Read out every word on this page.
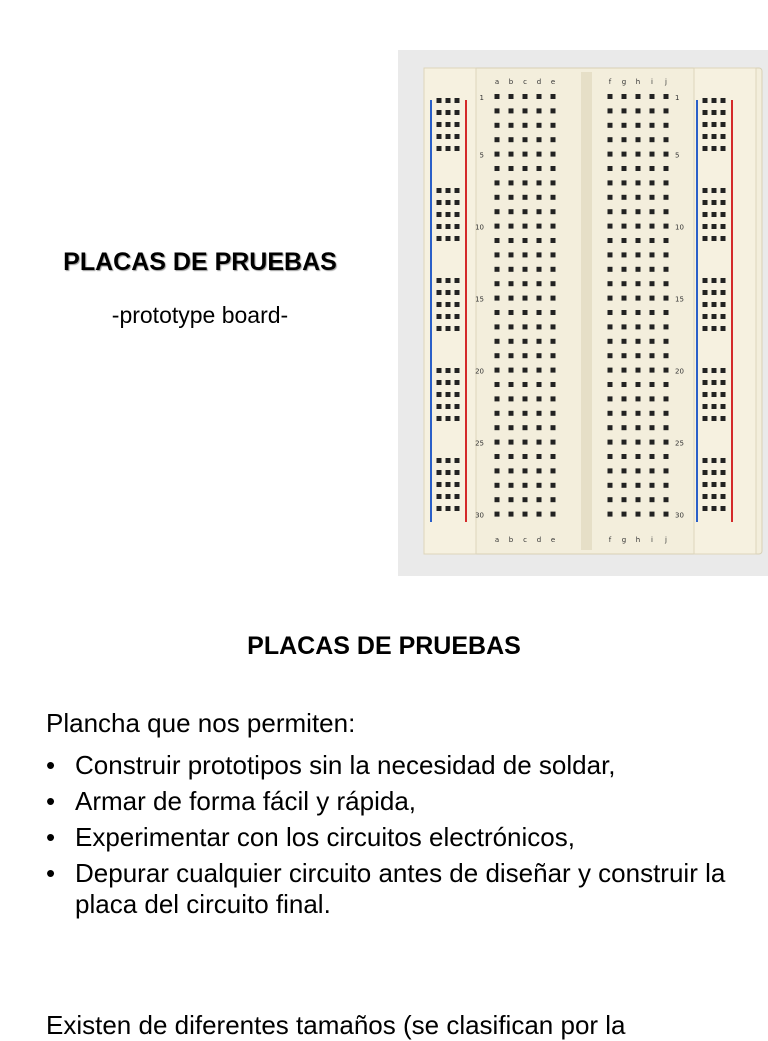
PLACAS DE PRUEBAS
-prototype board-
a
a
b
b
c
c
d
d
e
e
f
f
g
g
h
h
i
i
j
j
1
5
10
15
20
25
30
1
5
10
15
20
25
30
PLACAS DE PRUEBAS
Plancha que nos permiten:
• Construir prototipos sin la necesidad de soldar,
• Armar de forma fácil y rápida,
• Experimentar con los circuitos electrónicos,
• Depurar cualquier circuito antes de diseñar y construir la placa del circuito final.
Existen de diferentes tamaños (se clasifican por la
